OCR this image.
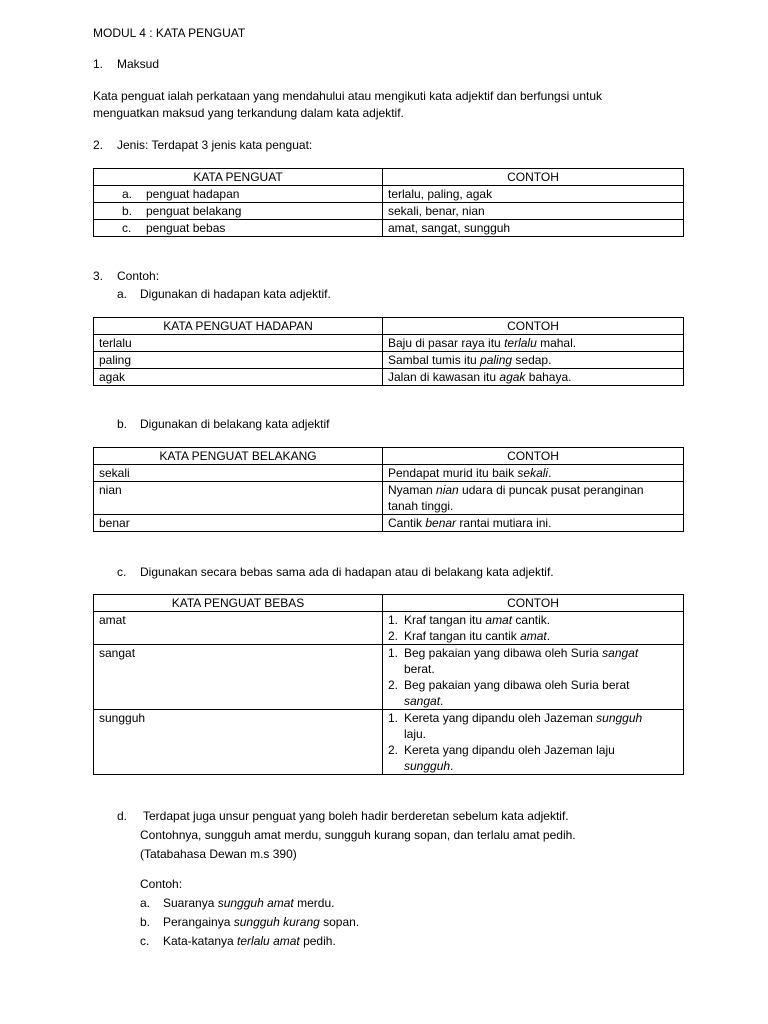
MODUL 4 : KATA PENGUAT
1. Maksud
Kata penguat ialah perkataan yang mendahului atau mengikuti kata adjektif dan berfungsi untuk
menguatkan maksud yang terkandung dalam kata adjektif.
2. Jenis: Terdapat 3 jenis kata penguat:
KATA PENGUAT	CONTOH
a. penguat hadapan	terlalu, paling, agak
b. penguat belakang	sekali, benar, nian
c. penguat bebas	amat, sangat, sungguh
3. Contoh:
a. Digunakan di hadapan kata adjektif.
KATA PENGUAT HADAPAN	CONTOH
terlalu	Baju di pasar raya itu terlalu mahal.
paling	Sambal tumis itu paling sedap.
agak	Jalan di kawasan itu agak bahaya.
b. Digunakan di belakang kata adjektif
KATA PENGUAT BELAKANG	CONTOH
sekali	Pendapat murid itu baik sekali.
nian	Nyaman nian udara di puncak pusat peranginan
tanah tinggi.
benar	Cantik benar rantai mutiara ini.
c. Digunakan secara bebas sama ada di hadapan atau di belakang kata adjektif.
KATA PENGUAT BEBAS	CONTOH
amat	1. Kraf tangan itu amat cantik.
2. Kraf tangan itu cantik amat.

sangat	1. Beg pakaian yang dibawa oleh Suria sangat
berat.
2. Beg pakaian yang dibawa oleh Suria berat
sangat.

sungguh	1. Kereta yang dipandu oleh Jazeman sungguh
laju.
2. Kereta yang dipandu oleh Jazeman laju
sungguh.
d. Terdapat juga unsur penguat yang boleh hadir berderetan sebelum kata adjektif.
Contohnya, sungguh amat merdu, sungguh kurang sopan, dan terlalu amat pedih.
(Tatabahasa Dewan m.s 390)
Contoh:
a. Suaranya sungguh amat merdu.
b. Perangainya sungguh kurang sopan.
c. Kata-katanya terlalu amat pedih.
